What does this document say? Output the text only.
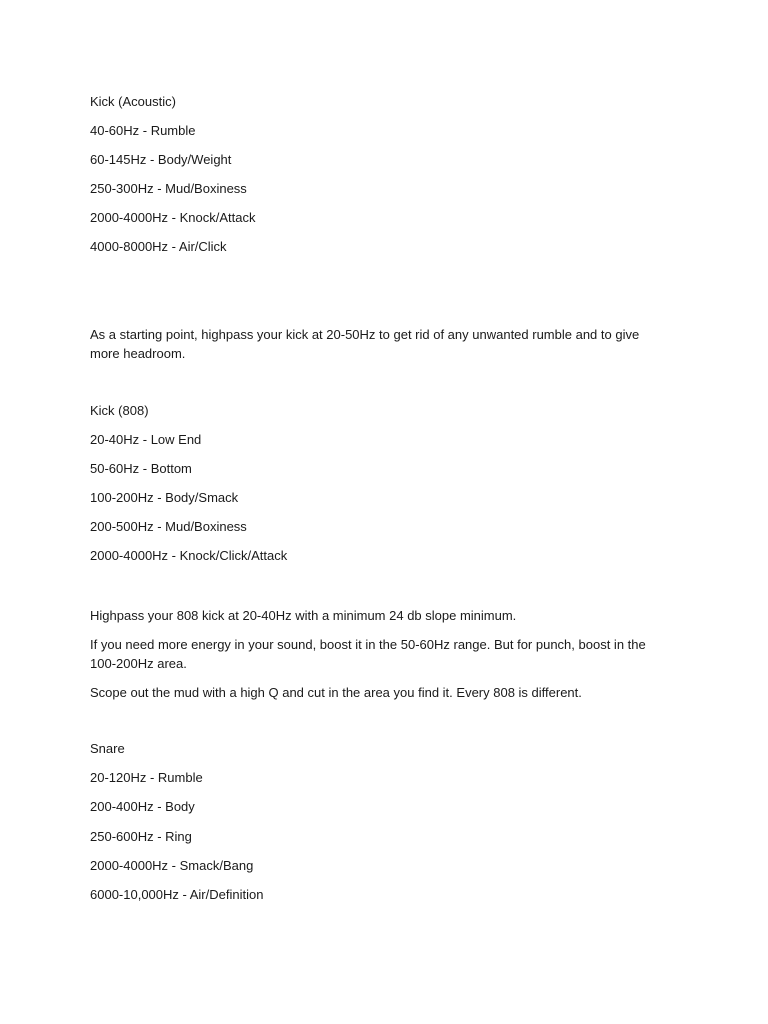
Kick (Acoustic)
40-60Hz - Rumble
60-145Hz - Body/Weight
250-300Hz - Mud/Boxiness
2000-4000Hz - Knock/Attack
4000-8000Hz - Air/Click
As a starting point, highpass your kick at 20-50Hz to get rid of any unwanted rumble and to give more headroom.
Kick (808)
20-40Hz - Low End
50-60Hz - Bottom
100-200Hz - Body/Smack
200-500Hz - Mud/Boxiness
2000-4000Hz - Knock/Click/Attack
Highpass your 808 kick at 20-40Hz with a minimum 24 db slope minimum.
If you need more energy in your sound, boost it in the 50-60Hz range. But for punch, boost in the 100-200Hz area.
Scope out the mud with a high Q and cut in the area you find it. Every 808 is different.
Snare
20-120Hz - Rumble
200-400Hz - Body
250-600Hz - Ring
2000-4000Hz - Smack/Bang
6000-10,000Hz - Air/Definition
